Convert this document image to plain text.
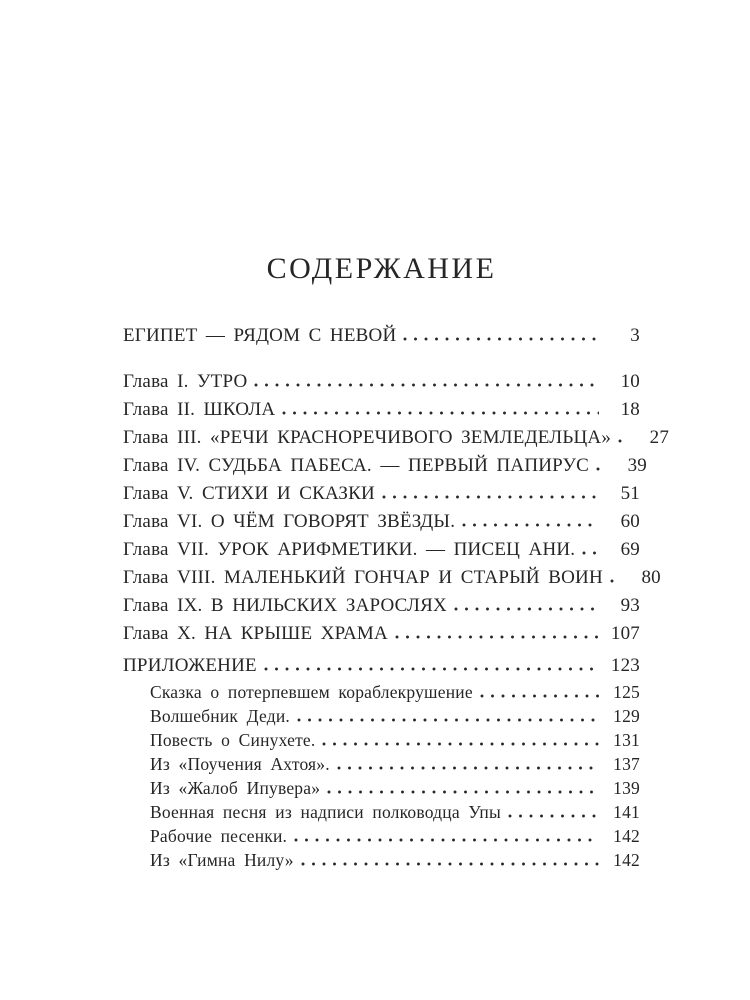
СОДЕРЖАНИЕ
ЕГИПЕТ — РЯДОМ С НЕВОЙ	3
Глава I. УТРО	10
Глава II. ШКОЛА	18
Глава III. «РЕЧИ КРАСНОРЕЧИВОГО ЗЕМЛЕДЕЛЬЦА»	27
Глава IV. СУДЬБА ПАБЕСА. — ПЕРВЫЙ ПАПИРУС	39
Глава V. СТИХИ И СКАЗКИ	51
Глава VI. О ЧЁМ ГОВОРЯТ ЗВЁЗДЫ.	60
Глава VII. УРОК АРИФМЕТИКИ. — ПИСЕЦ АНИ.	69
Глава VIII. МАЛЕНЬКИЙ ГОНЧАР И СТАРЫЙ ВОИН	80
Глава IX. В НИЛЬСКИХ ЗАРОСЛЯХ	93
Глава X. НА КРЫШЕ ХРАМА	107
ПРИЛОЖЕНИЕ	123
Сказка о потерпевшем кораблекрушение	125
Волшебник Деди.	129
Повесть о Синухете.	131
Из «Поучения Ахтоя».	137
Из «Жалоб Ипувера»	139
Военная песня из надписи полководца Упы	141
Рабочие песенки.	142
Из «Гимна Нилу»	142
